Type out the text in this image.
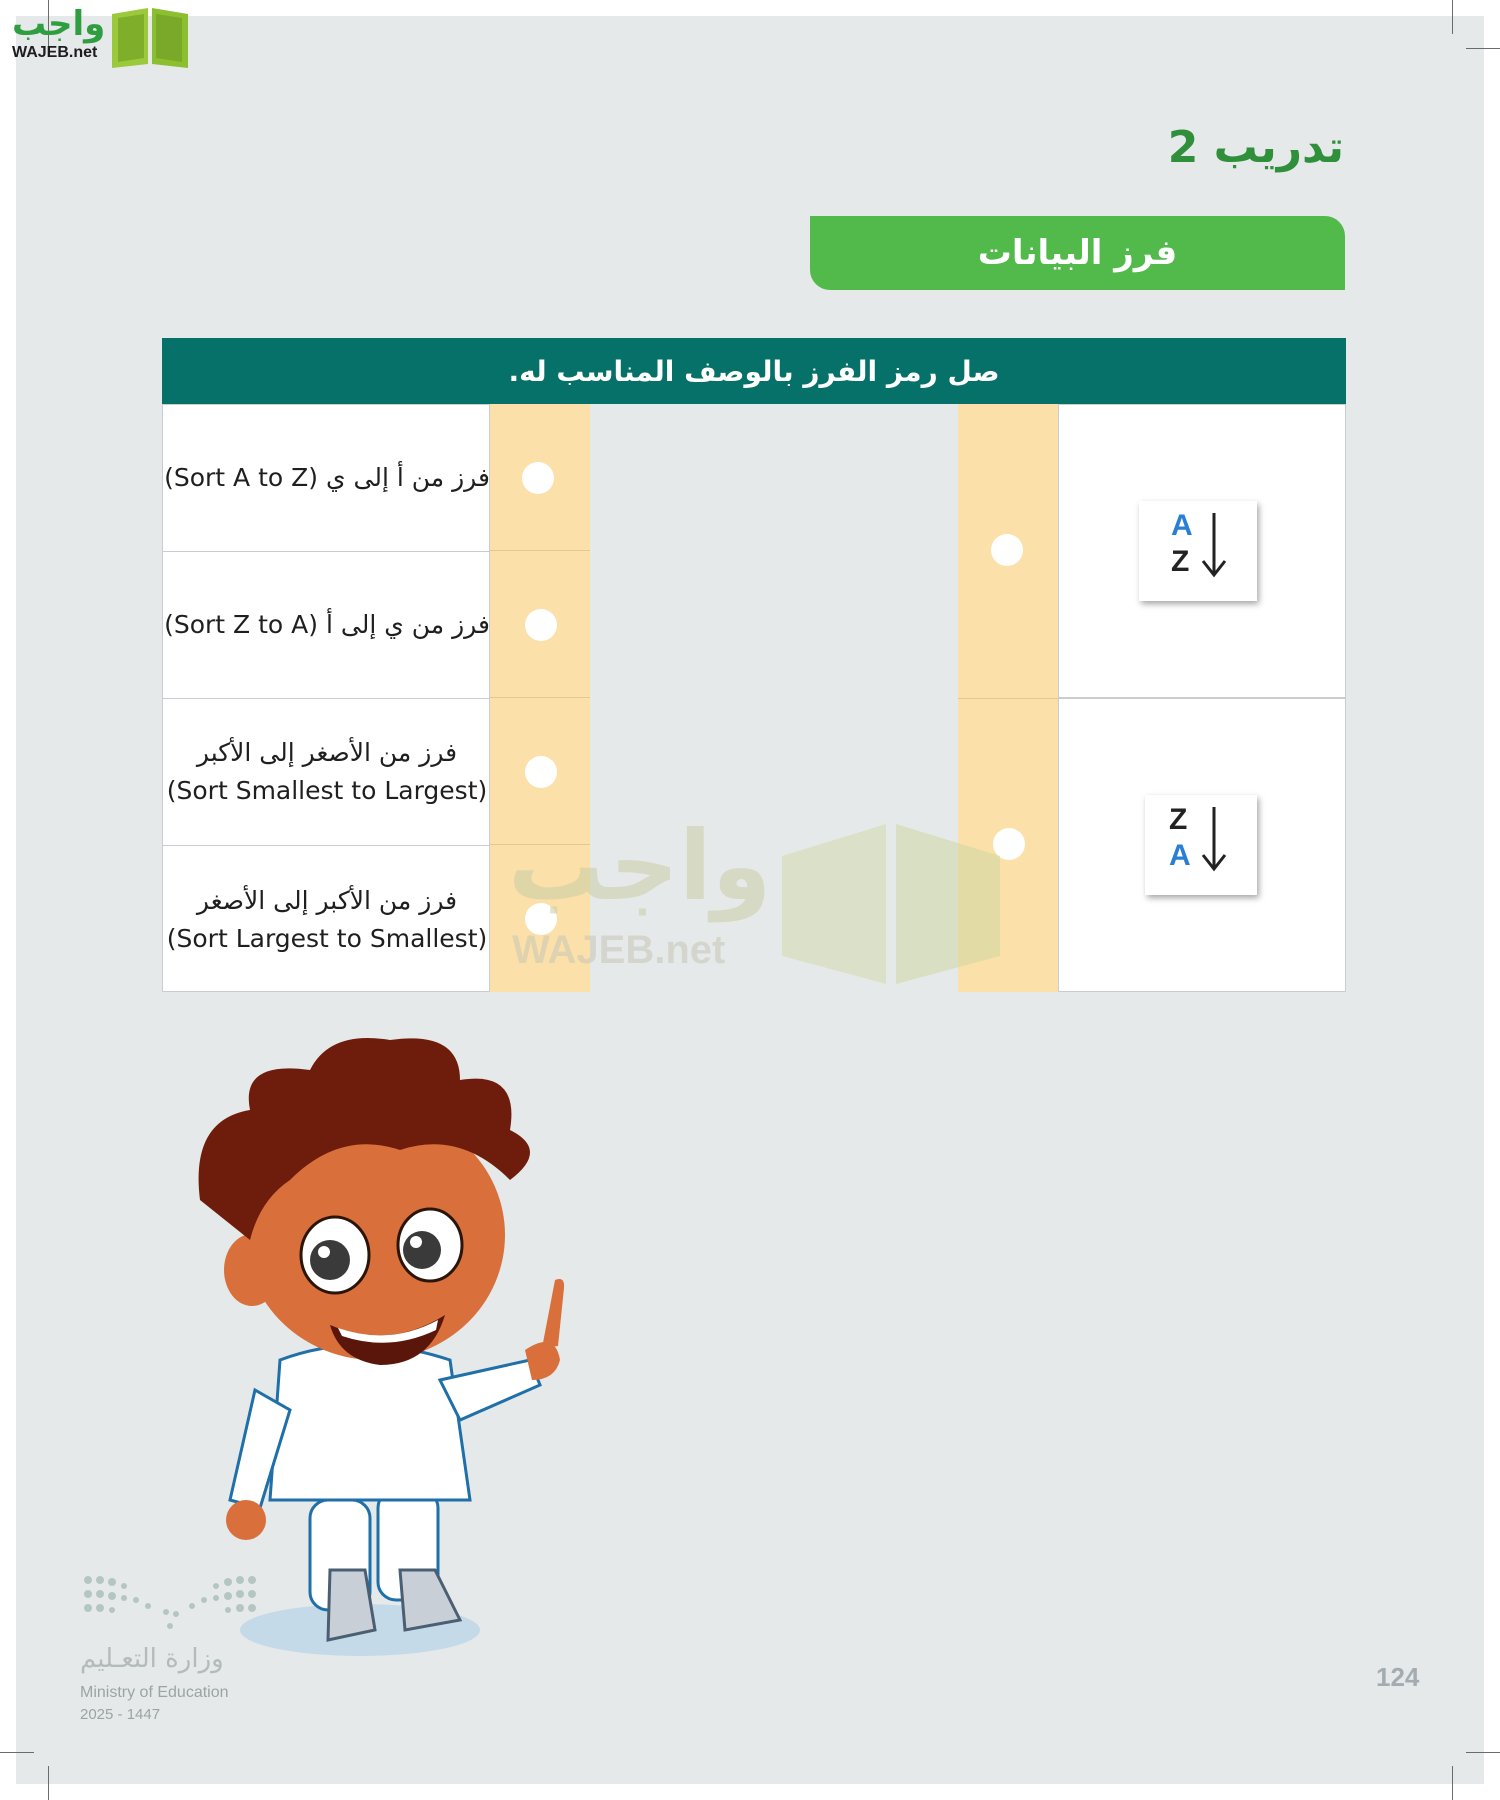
واجب
WAJEB.net
تدريب 2
فرز البيانات
صل رمز الفرز بالوصف المناسب له.
فرز من أ إلى ي (Sort A to Z)
فرز من ي إلى أ (Sort Z to A)
فرز من الأصغر إلى الأكبر
(Sort Smallest to Largest)
فرز من الأكبر إلى الأصغر
(Sort Largest to Smallest)
A
Z
Z
A
واجب
WAJEB.net
وزارة التعـليم
Ministry of Education
2025 - 1447
124
